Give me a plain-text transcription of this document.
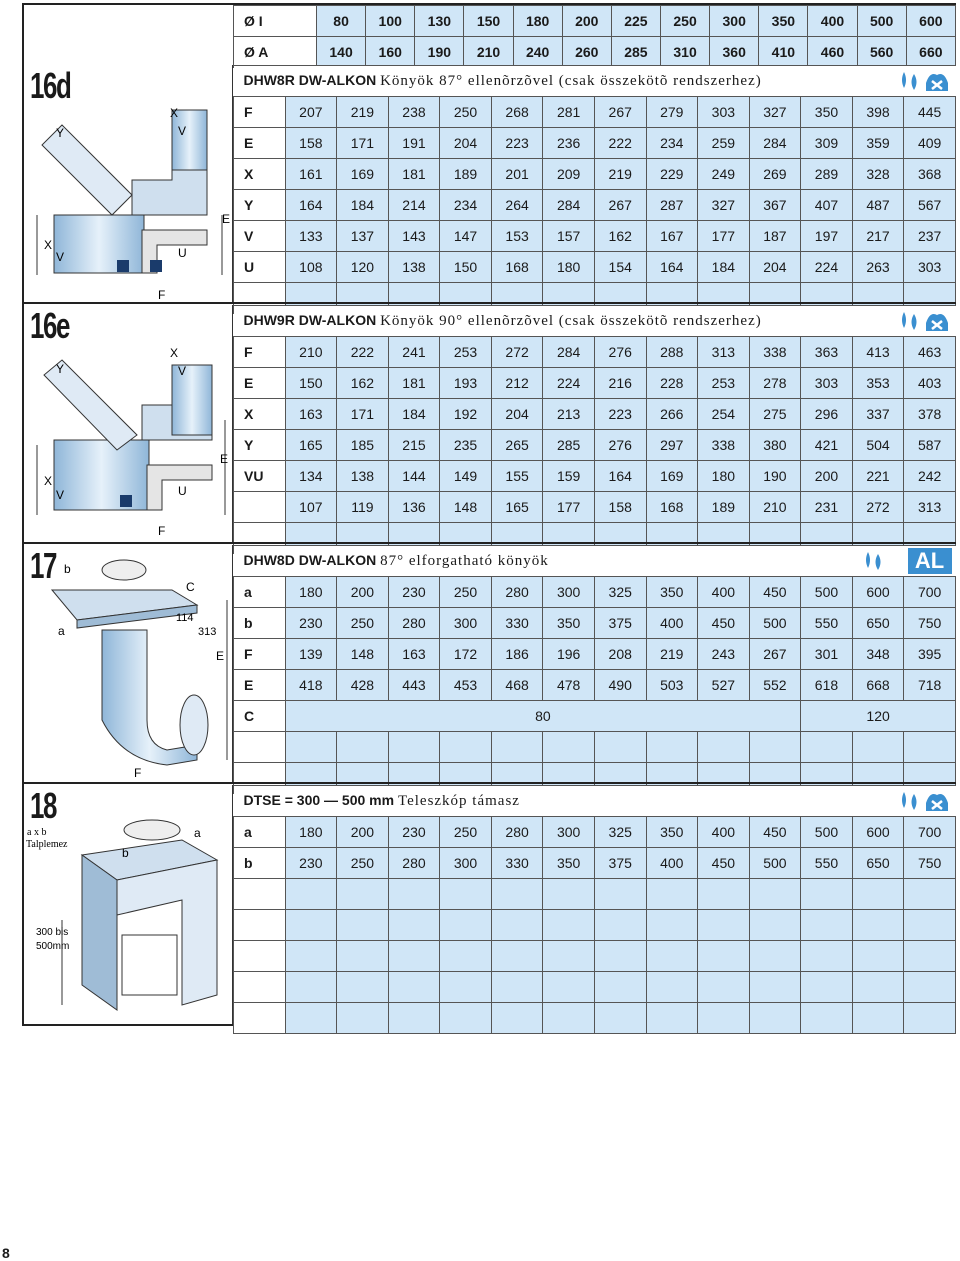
Ø I	80	100	130	150	180	200	225	250	300	350	400	500	600
Ø A	140	160	190	210	240	260	285	310	360	410	460	560	660
DHW8R DW-ALKON Könyök 87° ellenõrzõvel (csak összekötõ rendszerhez)													

F	207	219	238	250	268	281	267	279	303	327	350	398	445
E	158	171	191	204	223	236	222	234	259	284	309	359	409
X	161	169	181	189	201	209	219	229	249	269	289	328	368
Y	164	184	214	234	264	284	267	287	327	367	407	487	567
V	133	137	143	147	153	157	162	167	177	187	197	217	237
U	108	120	138	150	168	180	154	164	184	204	224	263	303

DHW9R DW-ALKON Könyök 90° ellenõrzõvel (csak összekötõ rendszerhez)													

F	210	222	241	253	272	284	276	288	313	338	363	413	463
E	150	162	181	193	212	224	216	228	253	278	303	353	403
X	163	171	184	192	204	213	223	266	254	275	296	337	378
Y	165	185	215	235	265	285	276	297	338	380	421	504	587
VU	134	138	144	149	155	159	164	169	180	190	200	221	242
	107	119	136	148	165	177	158	168	189	210	231	272	313

DHW8D DW-ALKON 87° elforgatható könyök AL													

a	180	200	230	250	280	300	325	350	400	450	500	600	700
b	230	250	280	300	330	350	375	400	450	500	550	650	750
F	139	148	163	172	186	196	208	219	243	267	301	348	395
E	418	428	443	453	468	478	490	503	527	552	618	668	718
C	80										120		

DTSE = 300 — 500 mm Teleszkóp támasz													

a	180	200	230	250	280	300	325	350	400	450	500	600	700
b	230	250	280	300	330	350	375	400	450	500	550	650	750

16d
Y
X
V
E
U
F
X
V
16e
Y
X
V
E
U
F
X
V
17 b
a
C
114
313
E
F
18
a x b
Talplemez
a
b
300 bis
500mm
8
